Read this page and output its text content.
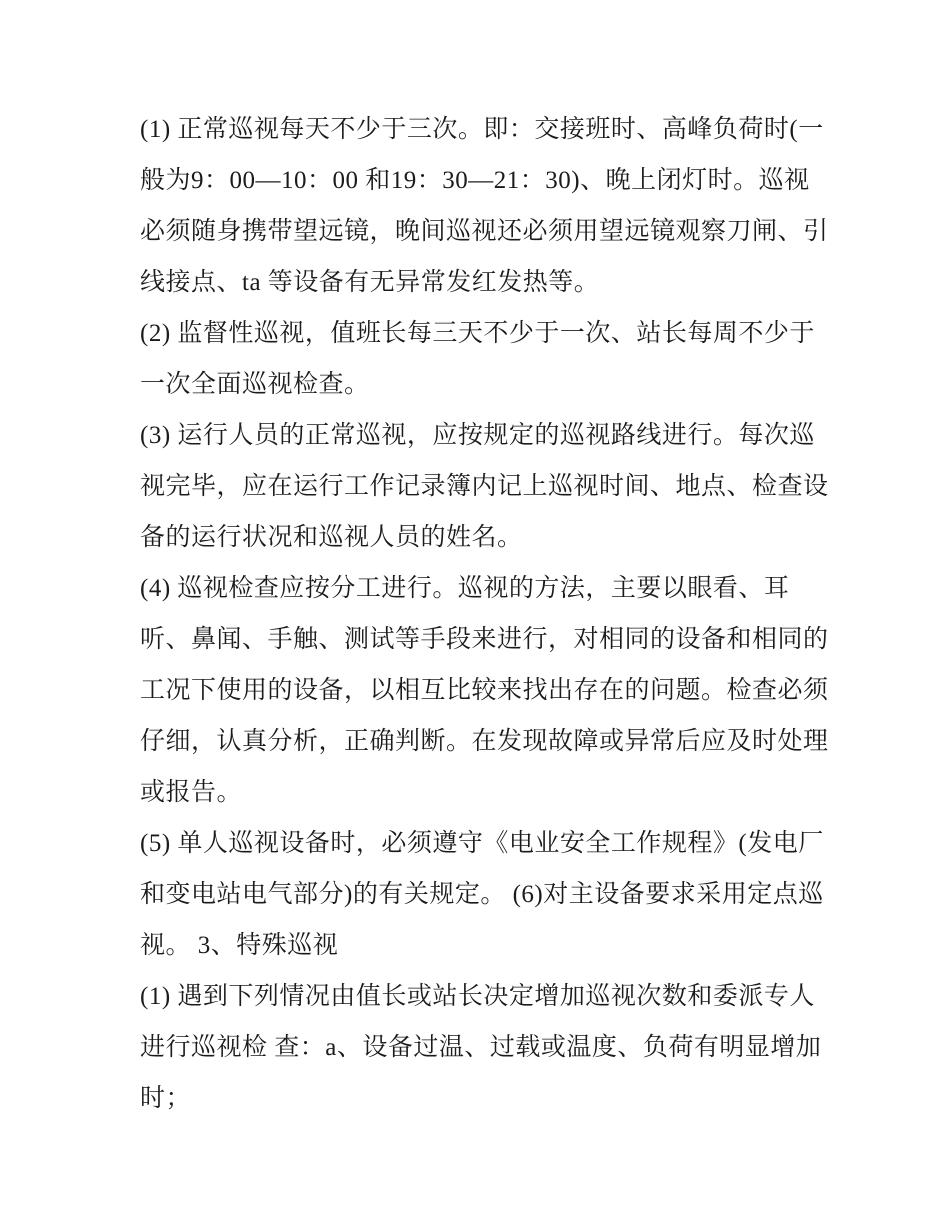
(1) 正常巡视每天不少于三次。即：交接班时、高峰负荷时(一
般为9：00—10：00 和19：30—21：30)、晚上闭灯时。巡视
必须随身携带望远镜，晚间巡视还必须用望远镜观察刀闸、引
线接点、ta 等设备有无异常发红发热等。
(2) 监督性巡视，值班长每三天不少于一次、站长每周不少于
一次全面巡视检查。
(3) 运行人员的正常巡视，应按规定的巡视路线进行。每次巡
视完毕，应在运行工作记录簿内记上巡视时间、地点、检查设
备的运行状况和巡视人员的姓名。
(4) 巡视检查应按分工进行。巡视的方法，主要以眼看、耳
听、鼻闻、手触、测试等手段来进行，对相同的设备和相同的
工况下使用的设备，以相互比较来找出存在的问题。检查必须
仔细，认真分析，正确判断。在发现故障或异常后应及时处理
或报告。
(5) 单人巡视设备时，必须遵守《电业安全工作规程》(发电厂
和变电站电气部分)的有关规定。 (6)对主设备要求采用定点巡
视。 3、特殊巡视
(1) 遇到下列情况由值长或站长决定增加巡视次数和委派专人
进行巡视检 查：a、设备过温、过载或温度、负荷有明显增加
时；
